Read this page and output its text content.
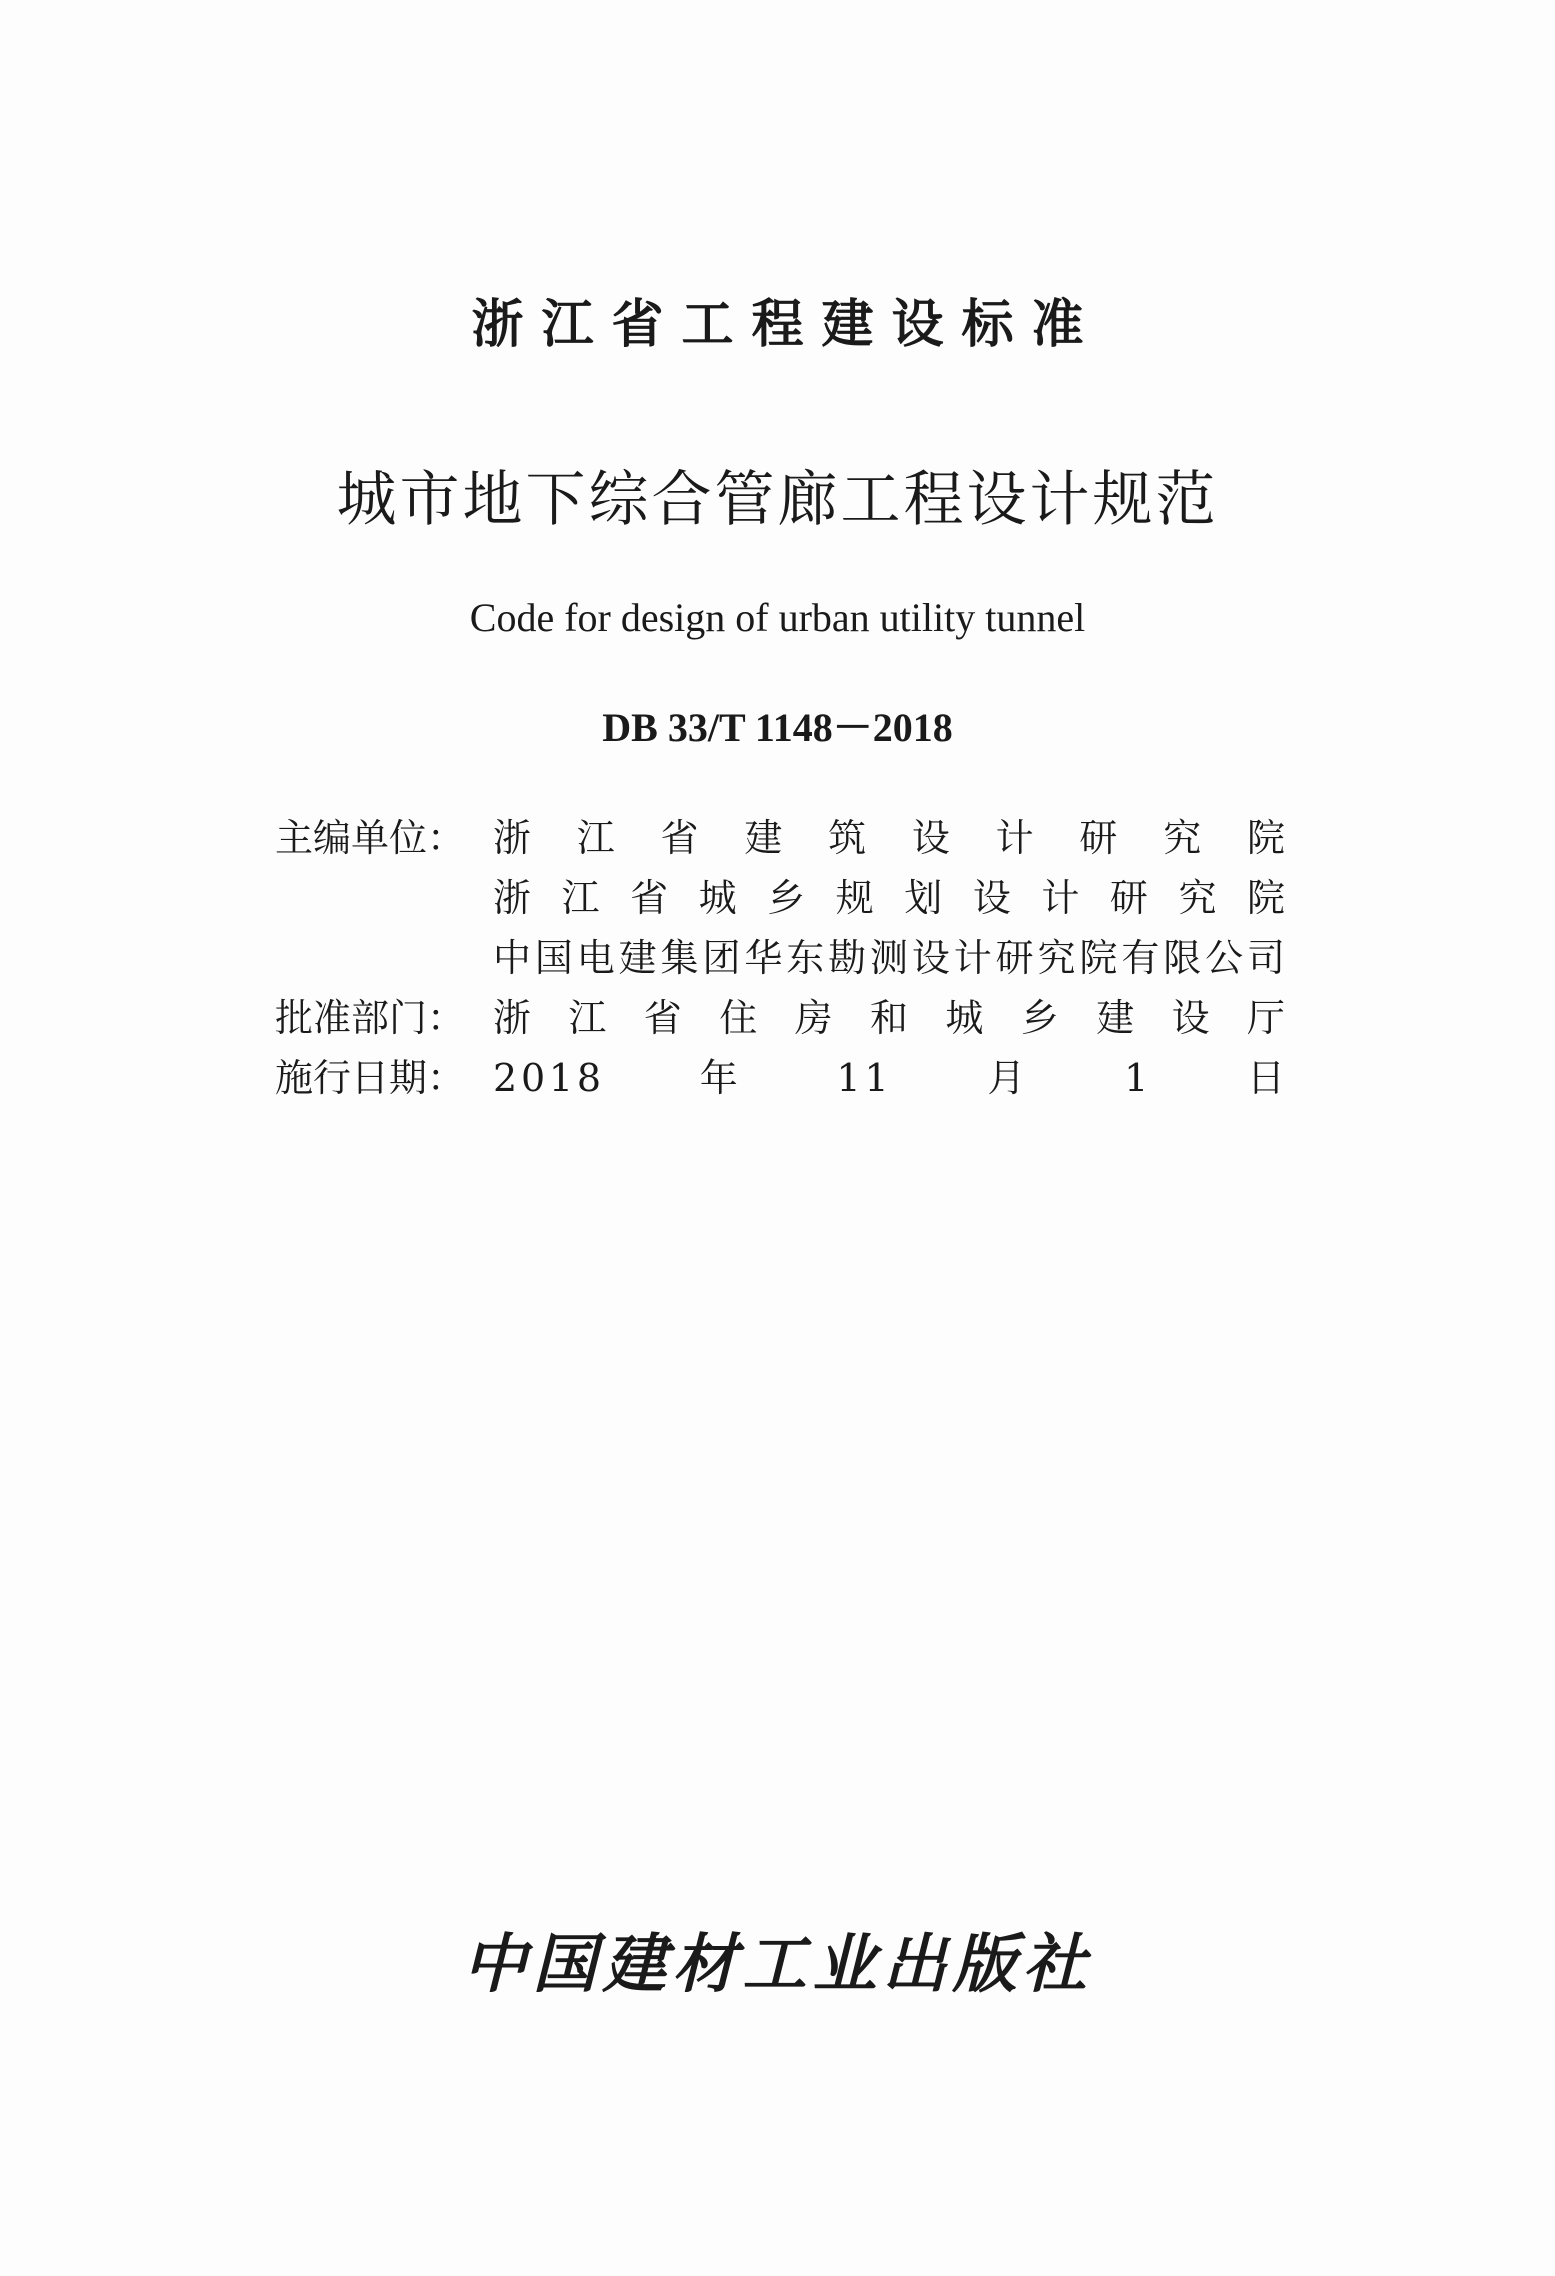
浙江省工程建设标准
城市地下综合管廊工程设计规范
Code for design of urban utility tunnel
DB 33/T 1148－2018
主编单位： 浙 江 省 建 筑 设 计 研 究 院
浙 江 省 城 乡 规 划 设 计 研 究 院
中国电建集团华东勘测设计研究院有限公司
批准部门： 浙 江 省 住 房 和 城 乡 建 设 厅
施行日期： 2 0 1 8 年 1 1 月 1 日
中国建材工业出版社
